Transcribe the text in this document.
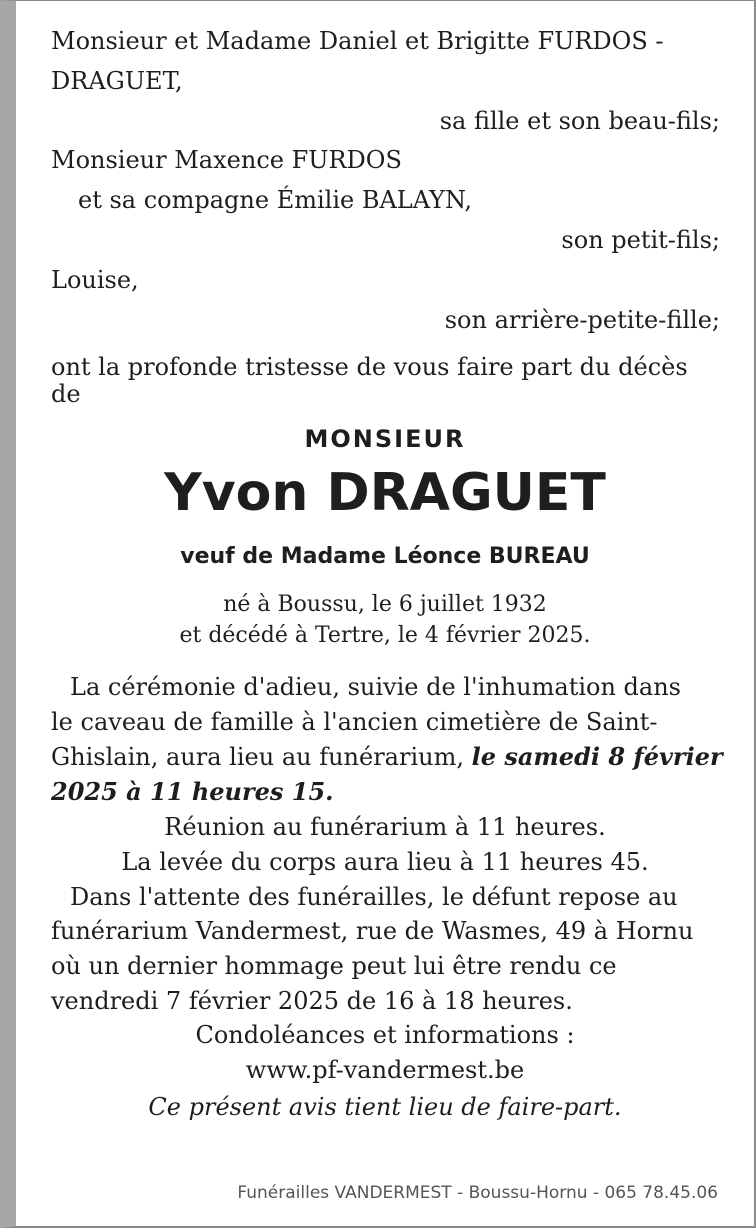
Monsieur et Madame Daniel et Brigitte FURDOS -

DRAGUET,

sa fille et son beau-fils;

Monsieur Maxence FURDOS

et sa compagne Émilie BALAYN,

son petit-fils;

Louise,

son arrière-petite-fille;

ont la profonde tristesse de vous faire part du décès

de

MONSIEUR

Yvon DRAGUET

veuf de Madame Léonce BUREAU

né à Boussu, le 6 juillet 1932

et décédé à Tertre, le 4 février 2025.

La cérémonie d'adieu, suivie de l'inhumation dans

le caveau de famille à l'ancien cimetière de Saint-

Ghislain, aura lieu au funérarium, le samedi 8 février

2025 à 11 heures 15.

Réunion au funérarium à 11 heures.

La levée du corps aura lieu à 11 heures 45.

Dans l'attente des funérailles, le défunt repose au

funérarium Vandermest, rue de Wasmes, 49 à Hornu

où un dernier hommage peut lui être rendu ce

vendredi 7 février 2025 de 16 à 18 heures.

Condoléances et informations :

www.pf-vandermest.be

Ce présent avis tient lieu de faire-part.

Funérailles VANDERMEST - Boussu-Hornu - 065 78.45.06
